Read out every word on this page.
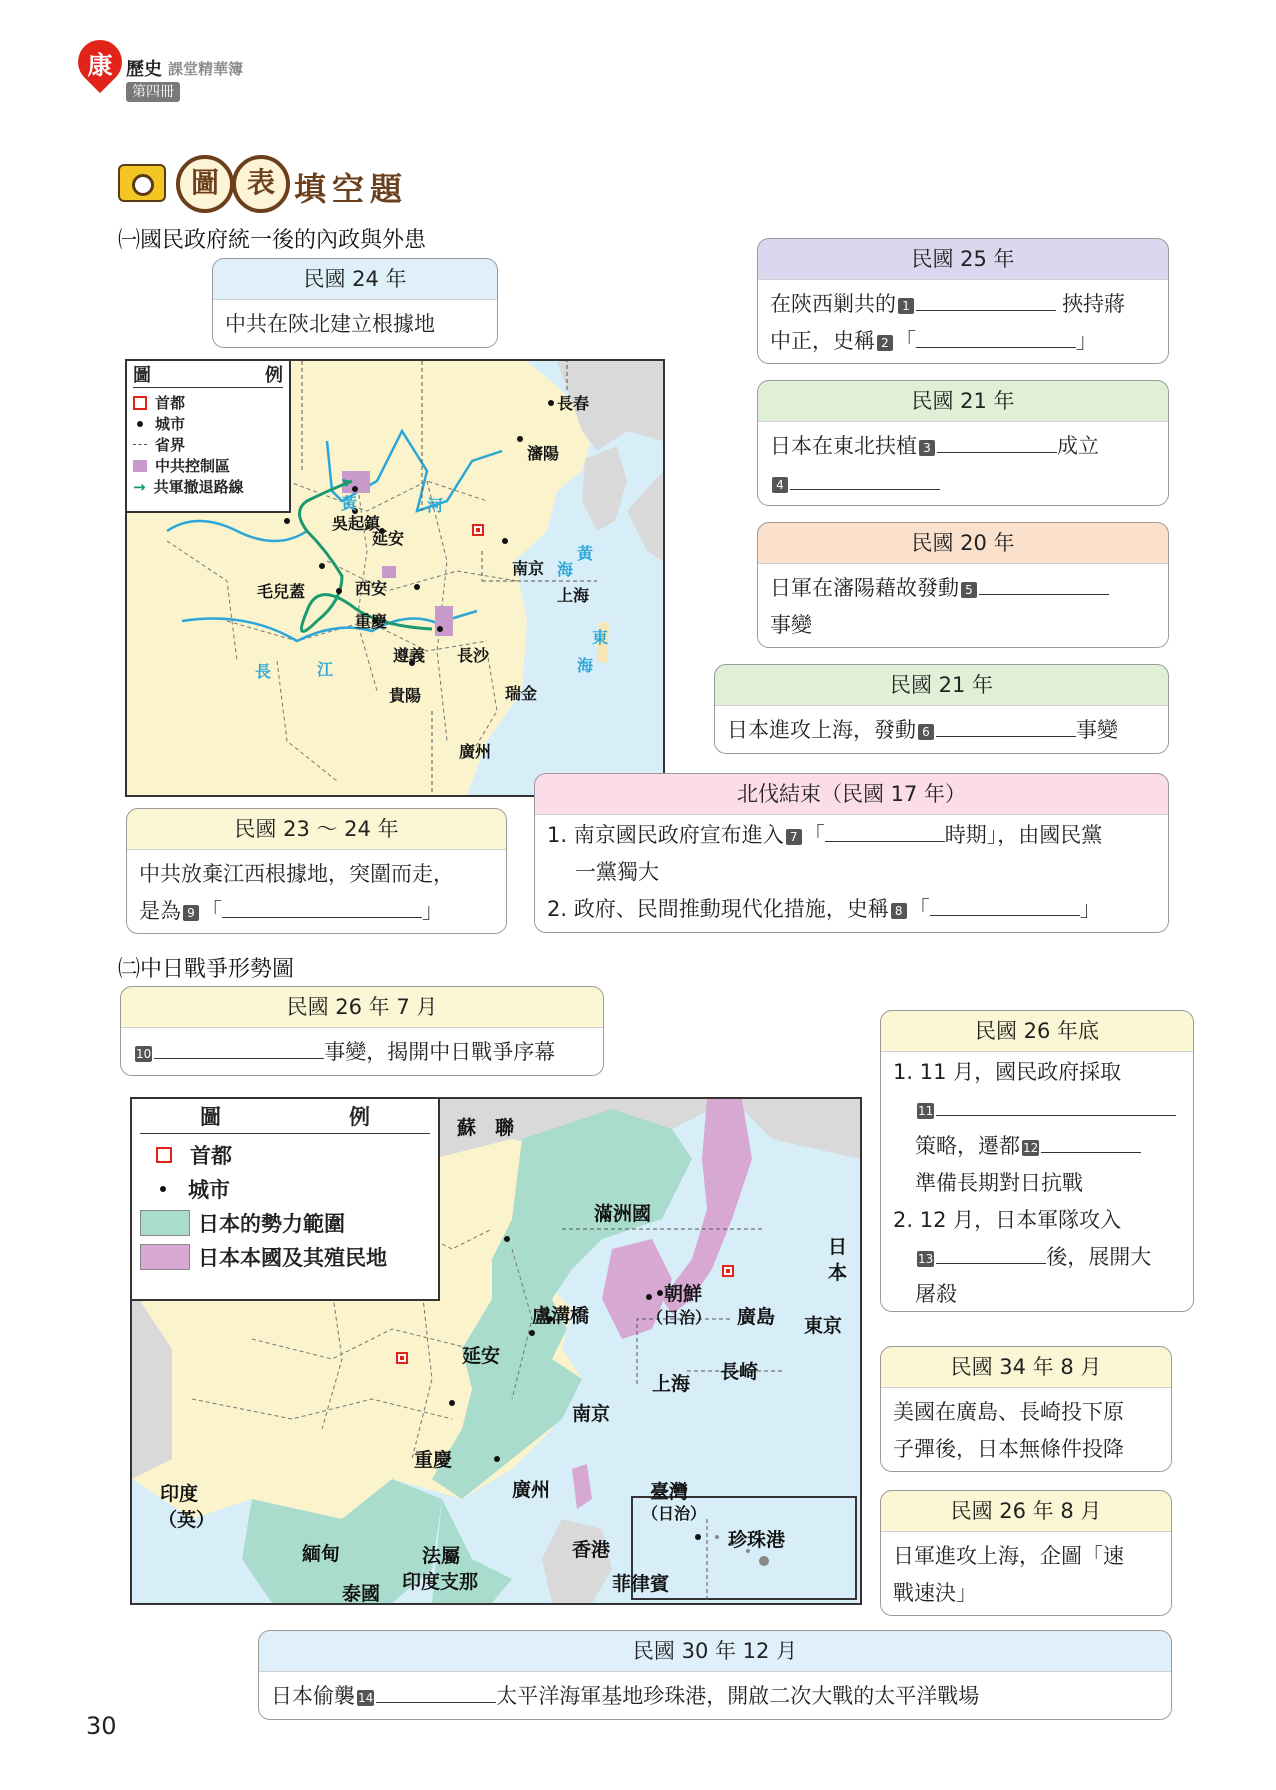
康 歷史 課堂精華簿
第四冊
圖 表 填空題
㈠國民政府統一後的內政與外患
圖	例
首都
城市
省界
中共控制區
→ 共軍撤退路線
長春
瀋陽
吳起鎮
延安
西安
南京
上海
毛兒蓋
重慶
遵義 長沙
瑞金
貴陽
廣州
黃	河
長	江
黃
海
東
海
民國 24 年
中共在陝北建立根據地
民國 25 年
在陝西剿共的 1	挾持蔣
中正，史稱 2 「	」
民國 21 年
日本在東北扶植 3	成立
4
民國 20 年
日軍在瀋陽藉故發動 5
事變
民國 21 年
日本進攻上海，發動 6	事變
北伐結束（民國 17 年）
1. 南京國民政府宣布進入 7 「	時期」，由國民黨
一黨獨大
2. 政府、民間推動現代化措施，史稱 8 「	」
民國 23 ～ 24 年
中共放棄江西根據地，突圍而走，
是為 9 「	」
㈡中日戰爭形勢圖
民國 26 年 7 月
10	事變，揭開中日戰爭序幕
圖	例
首都
城市
日本的勢力範圍
日本本國及其殖民地
蘇　聯
滿洲國
日本
東京
朝鮮
（日治） 廣島
長崎
盧溝橋
延安
上海
南京
重慶
廣州
香港
臺灣
（日治）
菲律賓
印度
（英）
緬甸
泰國
法屬
印度支那
珍珠港
民國 26 年底
1. 11 月，國民政府採取
11
策略，遷都 12
準備長期對日抗戰
2. 12 月，日本軍隊攻入
13	後，展開大
屠殺
民國 34 年 8 月
美國在廣島、長崎投下原
子彈後，日本無條件投降
民國 26 年 8 月
日軍進攻上海，企圖「速
戰速決」
民國 30 年 12 月
日本偷襲 14	太平洋海軍基地珍珠港，開啟二次大戰的太平洋戰場
30
